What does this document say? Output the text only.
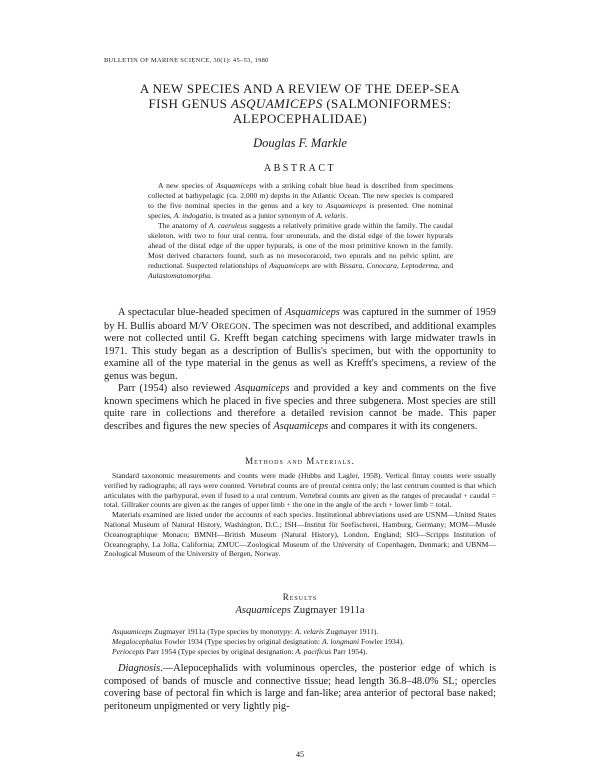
BULLETIN OF MARINE SCIENCE, 30(1): 45–53, 1980
A NEW SPECIES AND A REVIEW OF THE DEEP-SEA
FISH GENUS ASQUAMICEPS (SALMONIFORMES:
ALEPOCEPHALIDAE)
Douglas F. Markle
ABSTRACT

A new species of Asquamiceps with a striking cobalt blue head is described from specimens collected at bathypelagic (ca. 2,000 m) depths in the Atlantic Ocean. The new species is compared to the five nominal species in the genus and a key to Asquamiceps is presented. One nominal species, A. indogatio, is treated as a junior synonym of A. velaris.

The anatomy of A. caeruleus suggests a relatively primitive grade within the family. The caudal skeleton, with two to four ural centra, four uroneurals, and the distal edge of the lower hypurals ahead of the distal edge of the upper hypurals, is one of the most primitive known in the family. Most derived characters found, such as no mesocoracoid, two epurals and no pelvic splint, are reductional. Suspected relationships of Asquamiceps are with Bissara, Conocara, Leptoderma, and Aulastomatomorpha.

A spectacular blue-headed specimen of Asquamiceps was captured in the summer of 1959 by H. Bullis aboard M/V OREGON. The specimen was not described, and additional examples were not collected until G. Krefft began catching specimens with large midwater trawls in 1971. This study began as a description of Bullis's specimen, but with the opportunity to examine all of the type material in the genus as well as Krefft's specimens, a review of the genus was begun.

Parr (1954) also reviewed Asquamiceps and provided a key and comments on the five known specimens which he placed in five species and three subgenera. Most species are still quite rare in collections and therefore a detailed revision cannot be made. This paper describes and figures the new species of Asquamiceps and compares it with its congeners.

Methods and Materials.

Standard taxonomic measurements and counts were made (Hubbs and Lagler, 1958). Vertical finray counts were usually verified by radiographs; all rays were counted. Vertebral counts are of preural centra only; the last centrum counted is that which articulates with the parhypural, even if fused to a ural centrum. Vertebral counts are given as the ranges of precaudal + caudal = total. Gillraker counts are given as the ranges of upper limb + the one in the angle of the arch + lower limb = total.

Materials examined are listed under the accounts of each species. Institutional abbreviations used are USNM—United States National Museum of Natural History, Washington, D.C.; ISH—Institut für Seefischerei, Hamburg, Germany; MOM—Musée Oceanographique Monaco; BMNH—British Museum (Natural History), London, England; SIO—Scripps Institution of Oceanography, La Jolla, California; ZMUC—Zoological Museum of the University of Copenhagen, Denmark; and UBNM—Zoological Museum of the University of Bergen, Norway.

Results
Asquamiceps Zugmayer 1911a

Asquamiceps Zugmayer 1911a (Type species by monotypy: A. velaris Zugmayer 1911).

Megalocephalus Fowler 1934 (Type species by original designation: A. longmani Fowler 1934).

Periocepts Parr 1954 (Type species by original designation: A. pacificus Parr 1954).

Diagnosis.—Alepocephalids with voluminous opercles, the posterior edge of which is composed of bands of muscle and connective tissue; head length 36.8–48.0% SL; opercles covering base of pectoral fin which is large and fan-like; area anterior of pectoral base naked; peritoneum unpigmented or very lightly pig-

45
